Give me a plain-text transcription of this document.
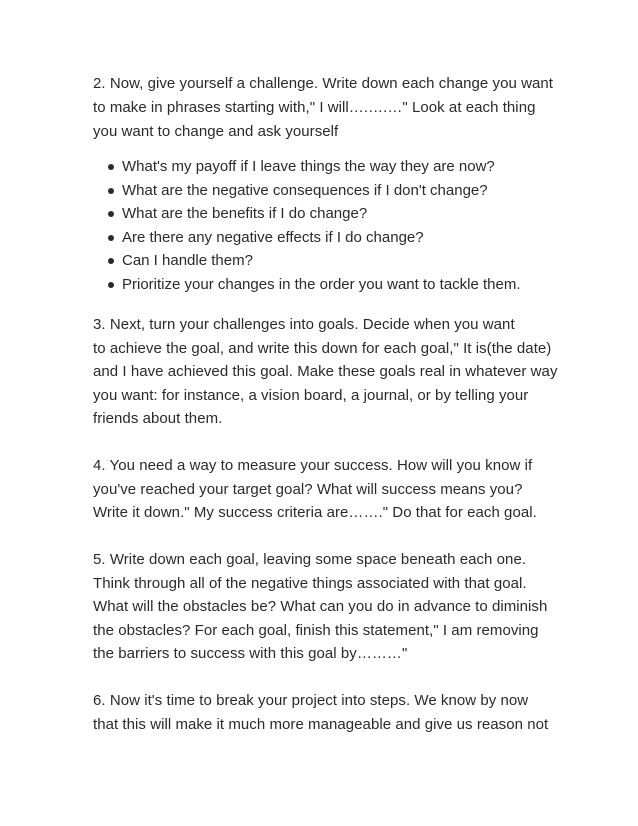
2. Now, give yourself a challenge. Write down each change you want
to make in phrases starting with," I will….….…" Look at each thing
you want to change and ask yourself
What's my payoff if I leave things the way they are now?
What are the negative consequences if I don't change?
What are the benefits if I do change?
Are there any negative effects if I do change?
Can I handle them?
Prioritize your changes in the order you want to tackle them.
3. Next, turn your challenges into goals. Decide when you want
to achieve the goal, and write this down for each goal," It is(the date)
and I have achieved this goal. Make these goals real in whatever way
you want: for instance, a vision board, a journal, or by telling your
friends about them.
4. You need a way to measure your success. How will you know if
you've reached your target goal? What will success means you?
Write it down." My success criteria are……." Do that for each goal.
5. Write down each goal, leaving some space beneath each one.
Think through all of the negative things associated with that goal.
What will the obstacles be? What can you do in advance to diminish
the obstacles? For each goal, finish this statement," I am removing
the barriers to success with this goal by………"
6. Now it's time to break your project into steps. We know by now
that this will make it much more manageable and give us reason not
